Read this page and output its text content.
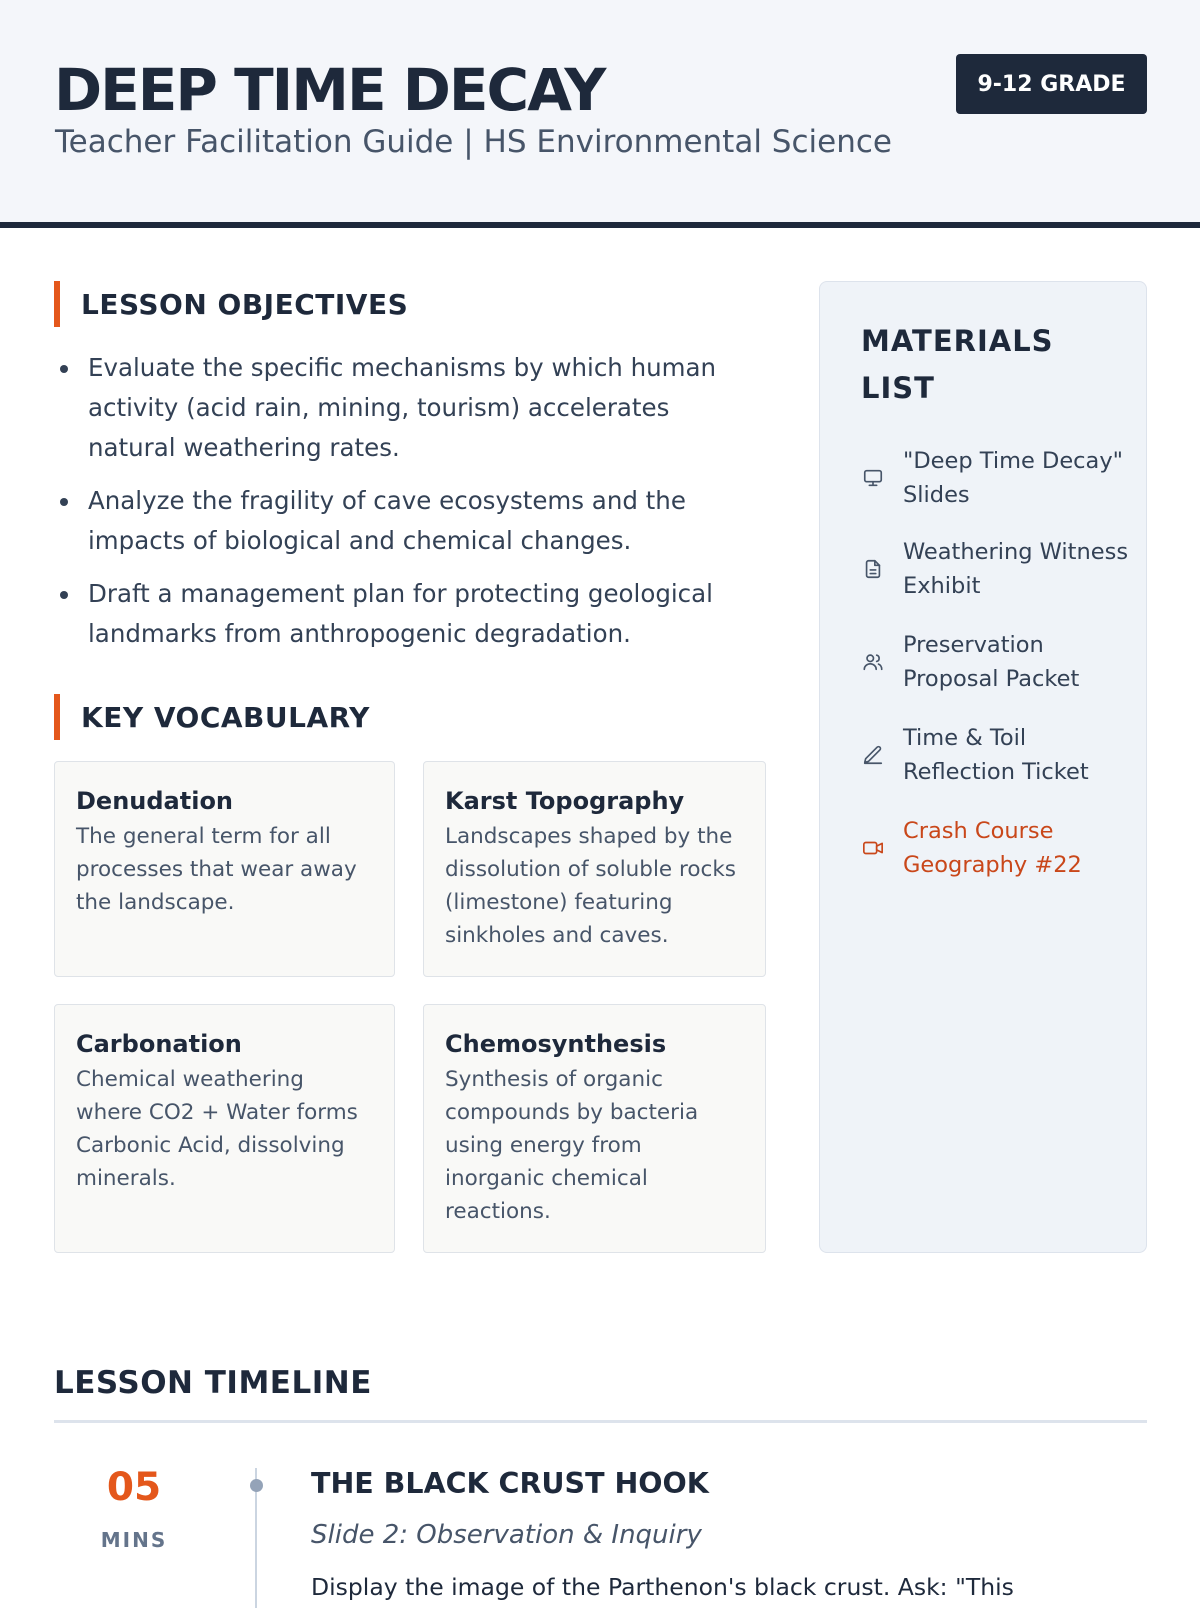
DEEP TIME DECAY
Teacher Facilitation Guide | HS Environmental Science
9-12 GRADE
LESSON OBJECTIVES
Evaluate the specific mechanisms by which human activity (acid rain, mining, tourism) accelerates natural weathering rates.
Analyze the fragility of cave ecosystems and the impacts of biological and chemical changes.
Draft a management plan for protecting geological landmarks from anthropogenic degradation.
KEY VOCABULARY
Denudation
The general term for all processes that wear away the landscape.
Karst Topography
Landscapes shaped by the dissolution of soluble rocks (limestone) featuring sinkholes and caves.
Carbonation
Chemical weathering where CO2 + Water forms Carbonic Acid, dissolving minerals.
Chemosynthesis
Synthesis of organic compounds by bacteria using energy from inorganic chemical reactions.
MATERIALS LIST
"Deep Time Decay" Slides
Weathering Witness Exhibit
Preservation Proposal Packet
Time & Toil Reflection Ticket
Crash Course Geography #22
LESSON TIMELINE
05
MINS
THE BLACK CRUST HOOK
Slide 2: Observation & Inquiry
Display the image of the Parthenon's black crust. Ask: "This
